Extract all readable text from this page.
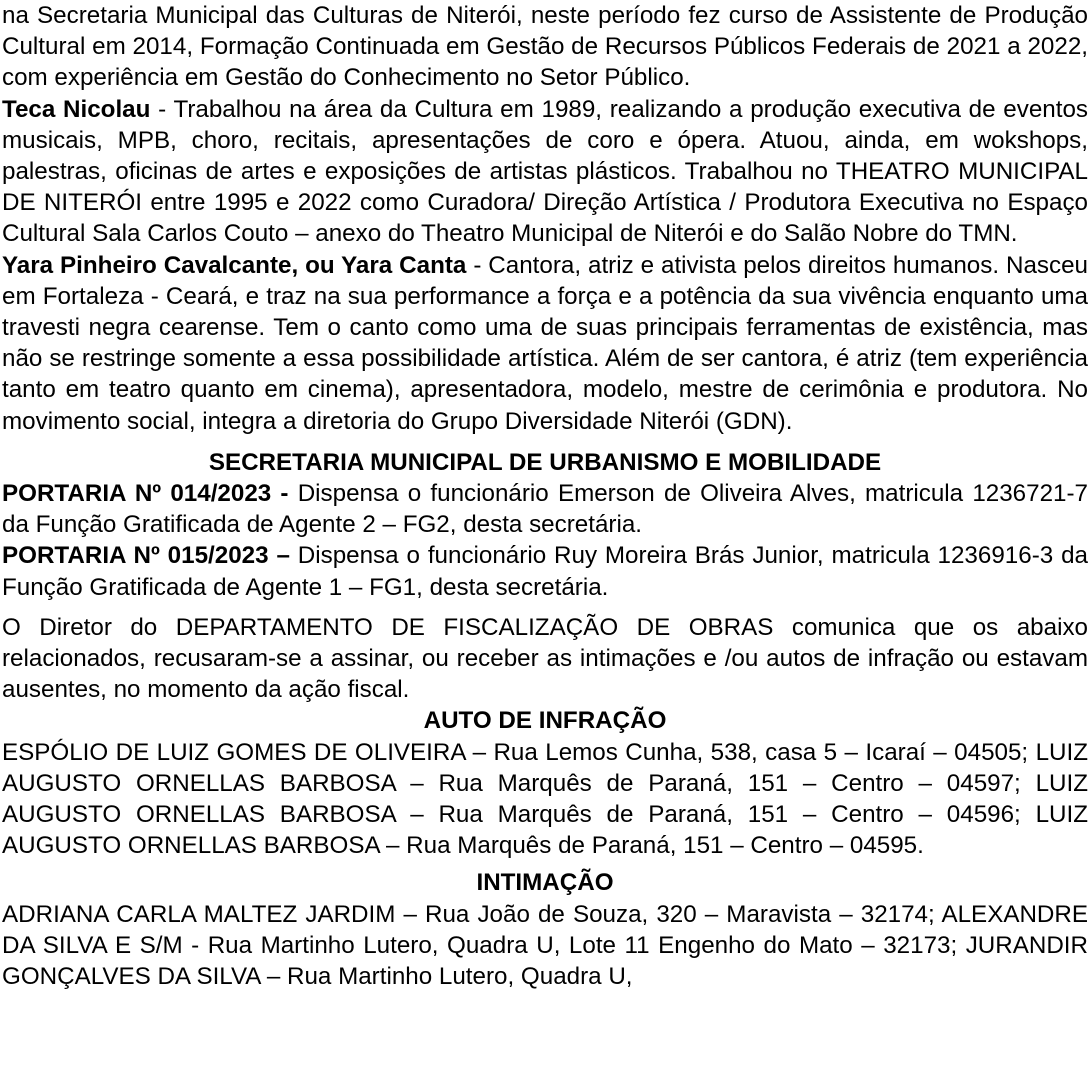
na Secretaria Municipal das Culturas de Niterói, neste período fez curso de Assistente de Produção Cultural em 2014, Formação Continuada em Gestão de Recursos Públicos Federais de 2021 a 2022, com experiência em Gestão do Conhecimento no Setor Público.

Teca Nicolau - Trabalhou na área da Cultura em 1989, realizando a produção executiva de eventos musicais, MPB, choro, recitais, apresentações de coro e ópera. Atuou, ainda, em wokshops, palestras, oficinas de artes e exposições de artistas plásticos. Trabalhou no THEATRO MUNICIPAL DE NITERÓI entre 1995 e 2022 como Curadora/ Direção Artística / Produtora Executiva no Espaço Cultural Sala Carlos Couto – anexo do Theatro Municipal de Niterói e do Salão Nobre do TMN.

Yara Pinheiro Cavalcante, ou Yara Canta - Cantora, atriz e ativista pelos direitos humanos. Nasceu em Fortaleza - Ceará, e traz na sua performance a força e a potência da sua vivência enquanto uma travesti negra cearense. Tem o canto como uma de suas principais ferramentas de existência, mas não se restringe somente a essa possibilidade artística. Além de ser cantora, é atriz (tem experiência tanto em teatro quanto em cinema), apresentadora, modelo, mestre de cerimônia e produtora. No movimento social, integra a diretoria do Grupo Diversidade Niterói (GDN).

SECRETARIA MUNICIPAL DE URBANISMO E MOBILIDADE

PORTARIA Nº 014/2023 - Dispensa o funcionário Emerson de Oliveira Alves, matricula 1236721-7 da Função Gratificada de Agente 2 – FG2, desta secretária.

PORTARIA Nº 015/2023 – Dispensa o funcionário Ruy Moreira Brás Junior, matricula 1236916-3 da Função Gratificada de Agente 1 – FG1, desta secretária.

O Diretor do DEPARTAMENTO DE FISCALIZAÇÃO DE OBRAS comunica que os abaixo relacionados, recusaram-se a assinar, ou receber as intimações e /ou autos de infração ou estavam ausentes, no momento da ação fiscal.

AUTO DE INFRAÇÃO

ESPÓLIO DE LUIZ GOMES DE OLIVEIRA – Rua Lemos Cunha, 538, casa 5 – Icaraí – 04505; LUIZ AUGUSTO ORNELLAS BARBOSA – Rua Marquês de Paraná, 151 – Centro – 04597; LUIZ AUGUSTO ORNELLAS BARBOSA – Rua Marquês de Paraná, 151 – Centro – 04596; LUIZ AUGUSTO ORNELLAS BARBOSA – Rua Marquês de Paraná, 151 – Centro – 04595.

INTIMAÇÃO

ADRIANA CARLA MALTEZ JARDIM – Rua João de Souza, 320 – Maravista – 32174; ALEXANDRE DA SILVA E S/M - Rua Martinho Lutero, Quadra U, Lote 11 Engenho do Mato – 32173; JURANDIR GONÇALVES DA SILVA – Rua Martinho Lutero, Quadra U,
